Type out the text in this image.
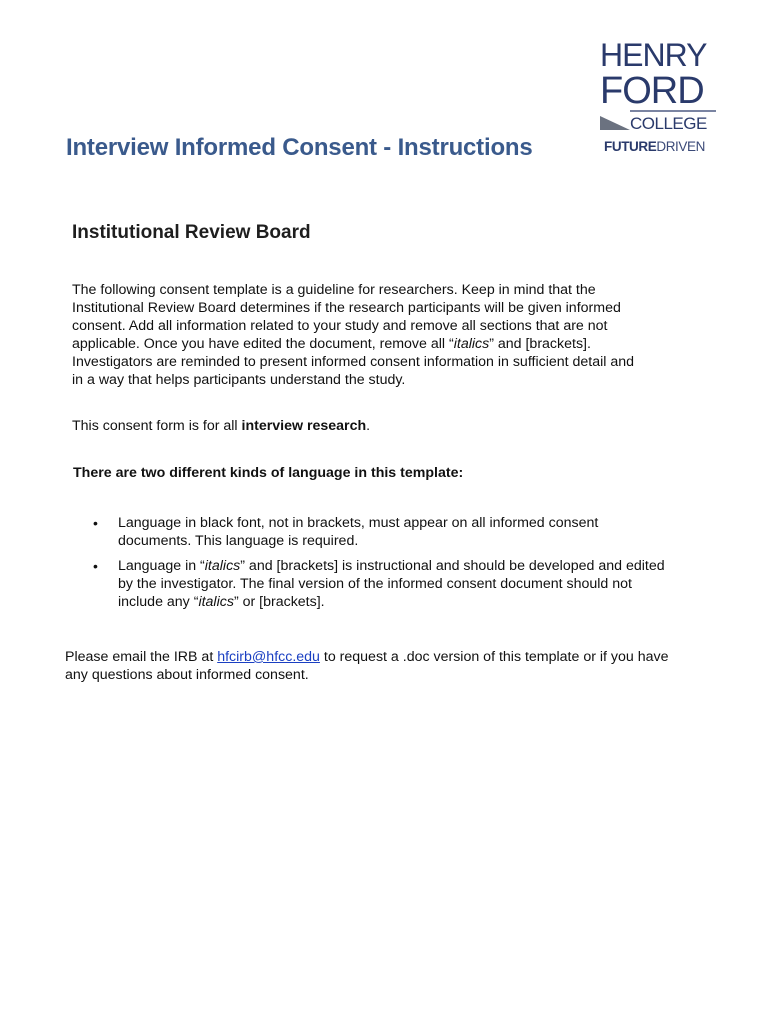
HENRY
FORD
COLLEGE
FUTUREDRIVEN
Interview Informed Consent - Instructions
Institutional Review Board

The following consent template is a guideline for researchers. Keep in mind that the
Institutional Review Board determines if the research participants will be given informed
consent. Add all information related to your study and remove all sections that are not
applicable. Once you have edited the document, remove all “italics” and [brackets].
Investigators are reminded to present informed consent information in sufficient detail and
in a way that helps participants understand the study.

This consent form is for all interview research.

There are two different kinds of language in this template:

• Language in black font, not in brackets, must appear on all informed consent
documents. This language is required.
• Language in “italics” and [brackets] is instructional and should be developed and edited
by the investigator. The final version of the informed consent document should not
include any “italics” or [brackets].

Please email the IRB at hfcirb@hfcc.edu to request a .doc version of this template or if you have
any questions about informed consent.
